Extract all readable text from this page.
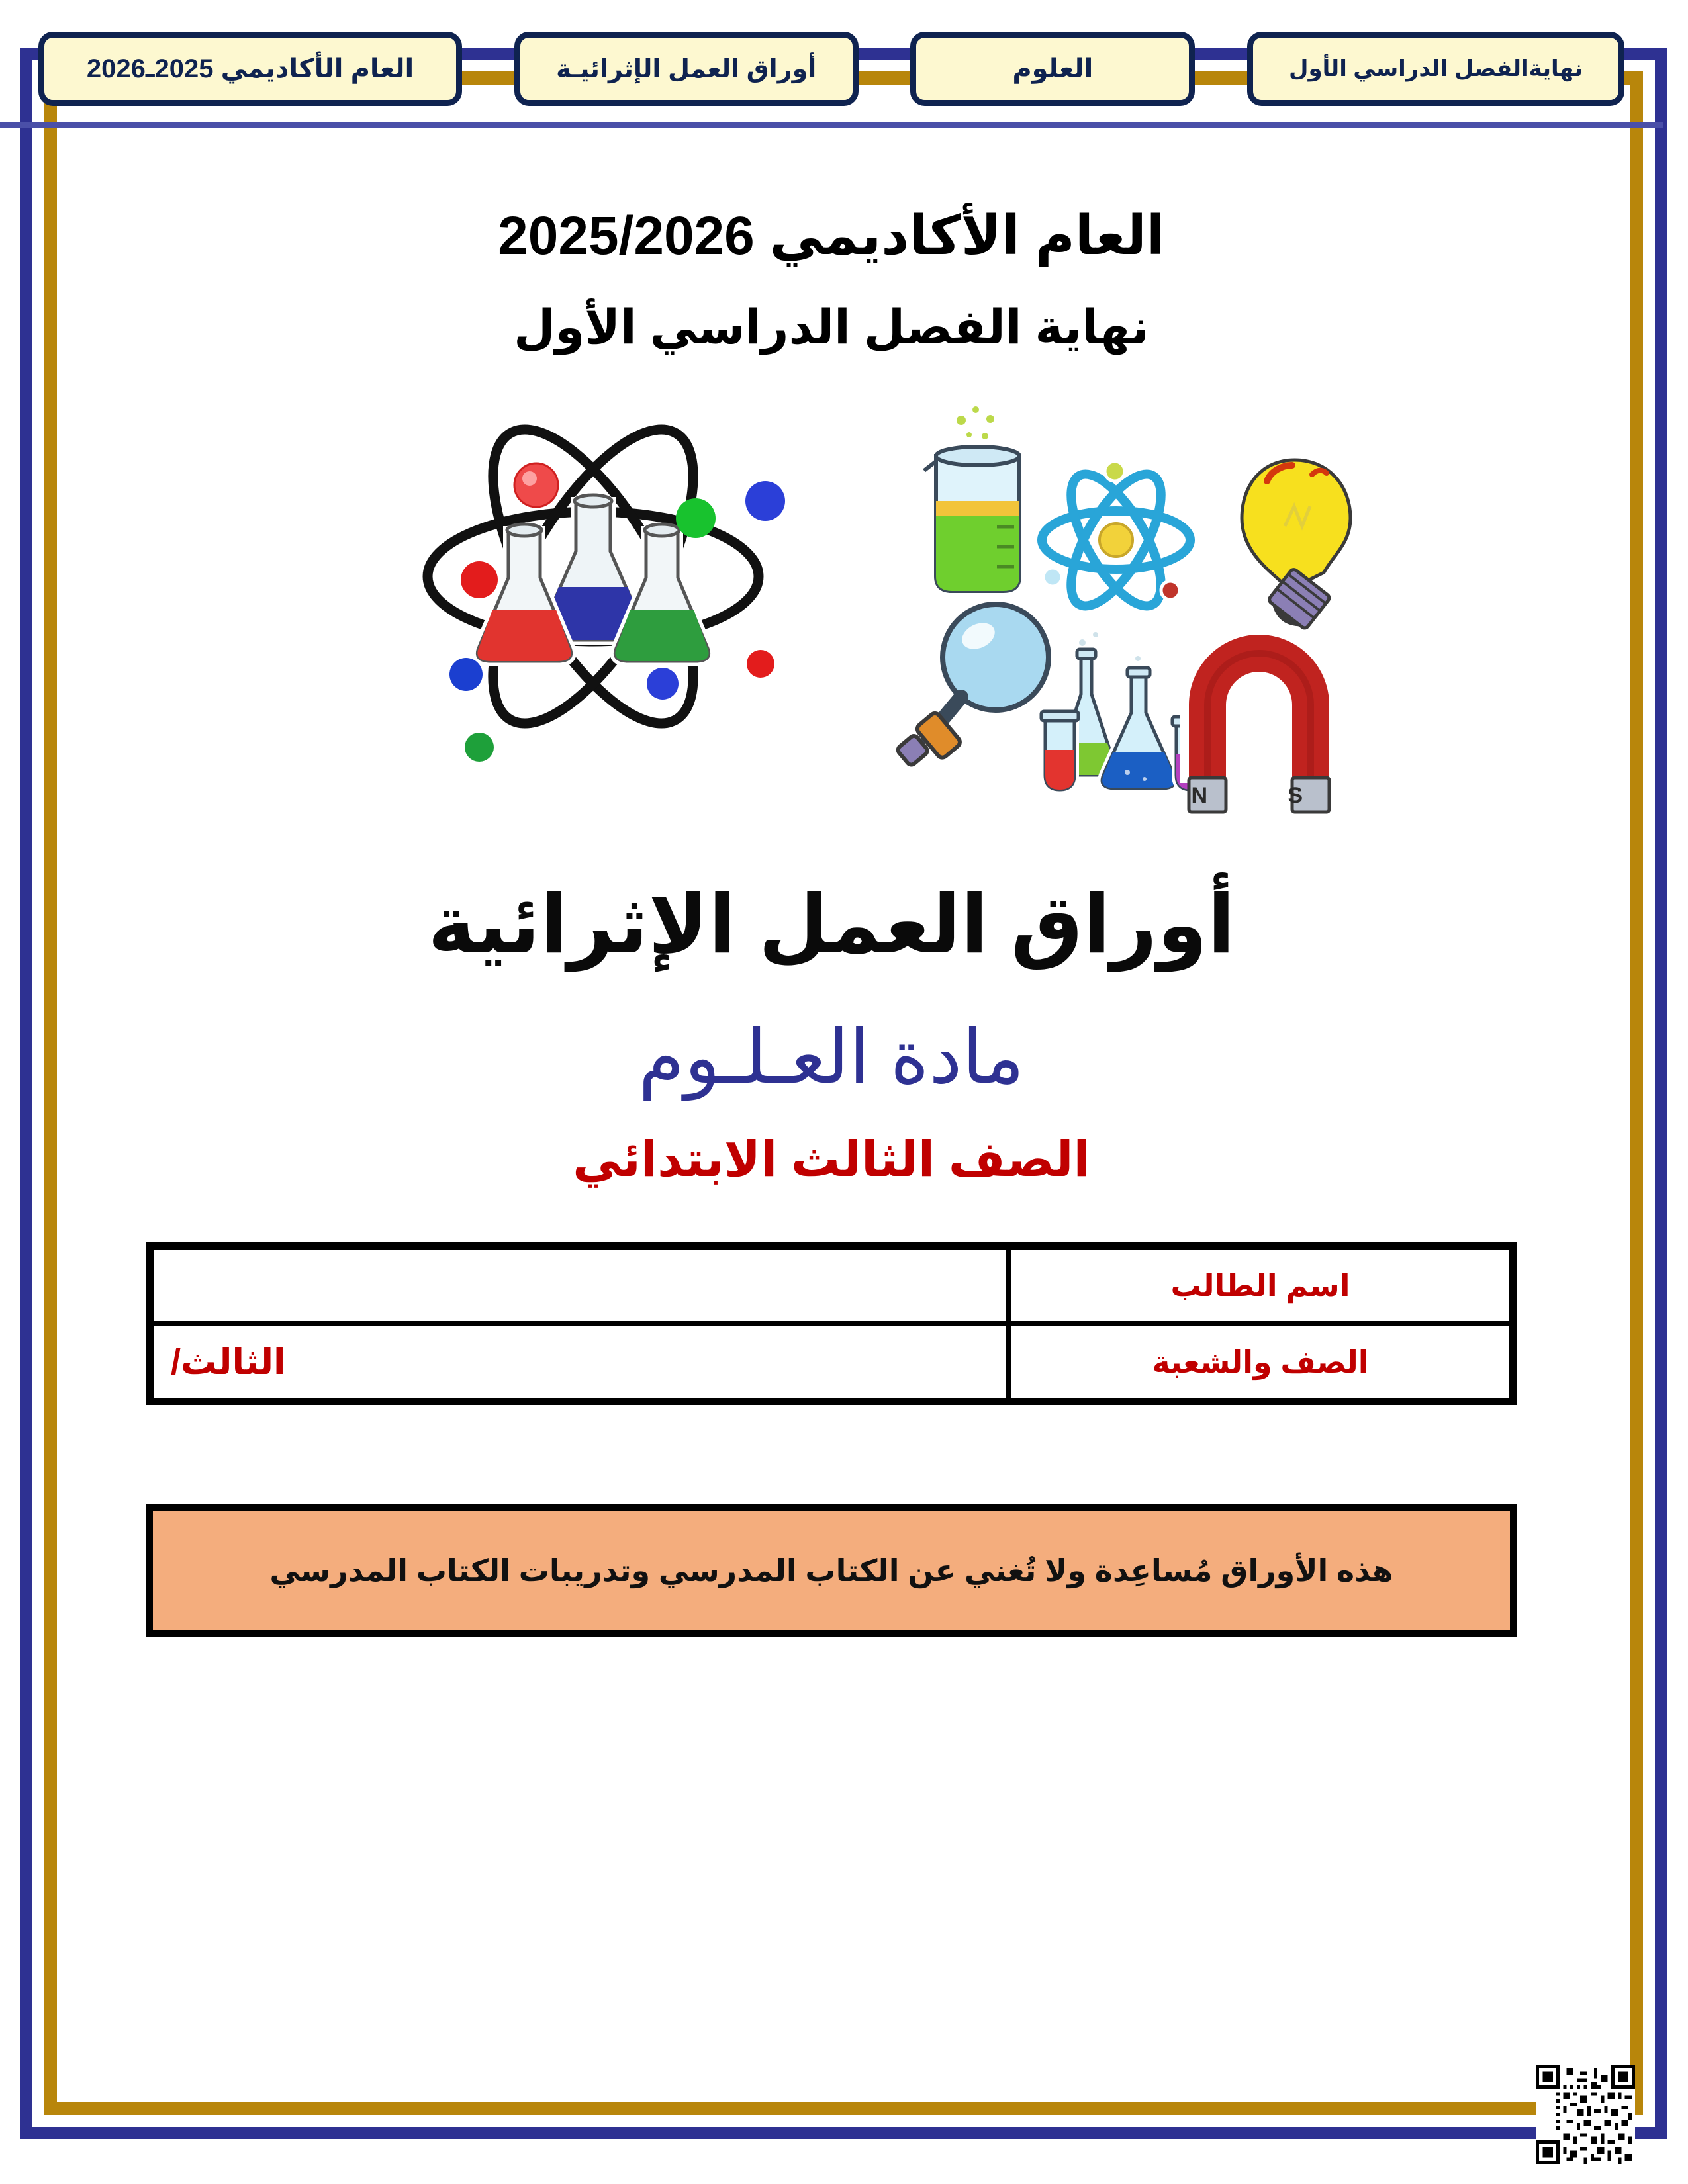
نهايةالفصل الدراسي الأول
العلوم
أوراق العمل الإثرائيـة
العام الأكاديمي 2025ـ2026
العام الأكاديمي 2025/2026
نهاية الفصل الدراسي الأول
N	S
أوراق العمل الإثرائية
مادة العـلـوم
الصف الثالث الابتدائي
اسم الطالب	
الصف والشعبة	الثالث/
هذه الأوراق مُساعِدة ولا تُغني عن الكتاب المدرسي وتدريبات الكتاب المدرسي
